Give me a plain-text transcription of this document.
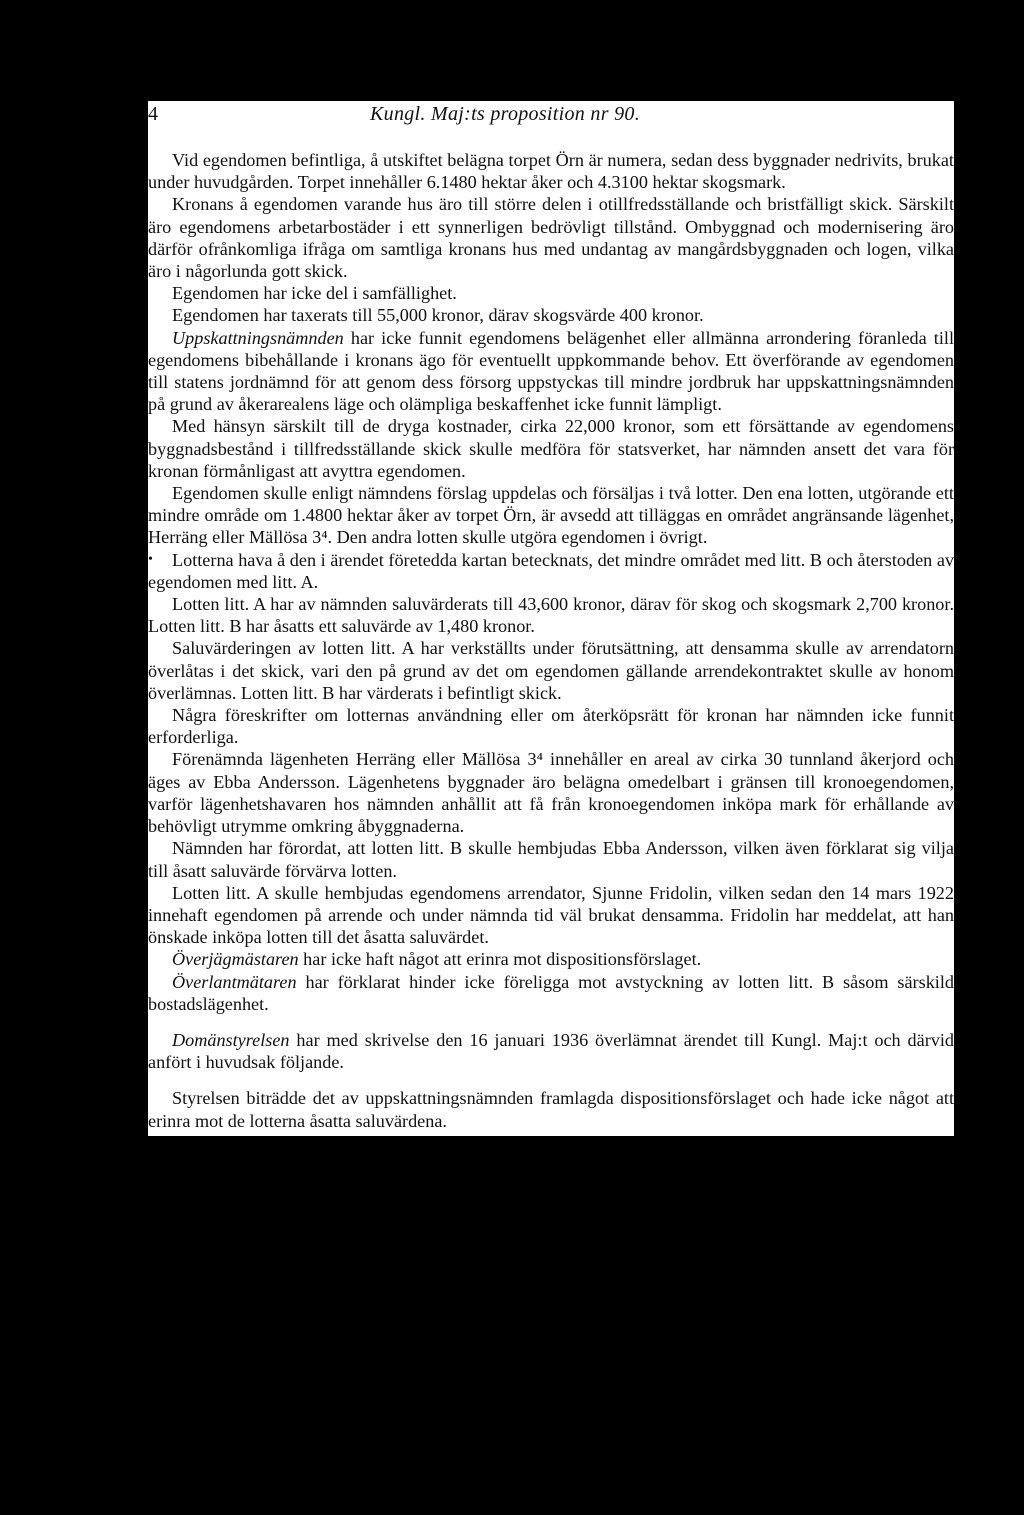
4	Kungl. Maj:ts proposition nr 90.

Vid egendomen befintliga, å utskiftet belägna torpet Örn är numera, sedan dess byggnader nedrivits, brukat under huvudgården. Torpet innehåller 6.1480 hektar åker och 4.3100 hektar skogsmark.

Kronans å egendomen varande hus äro till större delen i otillfredsställande och bristfälligt skick. Särskilt äro egendomens arbetarbostäder i ett synnerligen bedrövligt tillstånd. Ombyggnad och modernisering äro därför ofrånkomliga ifråga om samtliga kronans hus med undantag av mangårdsbyggnaden och logen, vilka äro i någorlunda gott skick.

Egendomen har icke del i samfällighet.

Egendomen har taxerats till 55,000 kronor, därav skogsvärde 400 kronor.

Uppskattningsnämnden har icke funnit egendomens belägenhet eller allmänna arrondering föranleda till egendomens bibehållande i kronans ägo för eventuellt uppkommande behov. Ett överförande av egendomen till statens jordnämnd för att genom dess försorg uppstyckas till mindre jordbruk har uppskattningsnämnden på grund av åkerarealens läge och olämpliga beskaffenhet icke funnit lämpligt.

Med hänsyn särskilt till de dryga kostnader, cirka 22,000 kronor, som ett försättande av egendomens byggnadsbestånd i tillfredsställande skick skulle medföra för statsverket, har nämnden ansett det vara för kronan förmånligast att avyttra egendomen.

Egendomen skulle enligt nämndens förslag uppdelas och försäljas i två lotter. Den ena lotten, utgörande ett mindre område om 1.4800 hektar åker av torpet Örn, är avsedd att tilläggas en området angränsande lägenhet, Herräng eller Mällösa 3⁴. Den andra lotten skulle utgöra egendomen i övrigt.

• Lotterna hava å den i ärendet företedda kartan betecknats, det mindre området med litt. B och återstoden av egendomen med litt. A.

Lotten litt. A har av nämnden saluvärderats till 43,600 kronor, därav för skog och skogsmark 2,700 kronor. Lotten litt. B har åsatts ett saluvärde av 1,480 kronor.

Saluvärderingen av lotten litt. A har verkställts under förutsättning, att densamma skulle av arrendatorn överlåtas i det skick, vari den på grund av det om egendomen gällande arrendekontraktet skulle av honom överlämnas. Lotten litt. B har värderats i befintligt skick.

Några föreskrifter om lotternas användning eller om återköpsrätt för kronan har nämnden icke funnit erforderliga.

Förenämnda lägenheten Herräng eller Mällösa 3⁴ innehåller en areal av cirka 30 tunnland åkerjord och äges av Ebba Andersson. Lägenhetens byggnader äro belägna omedelbart i gränsen till kronoegendomen, varför lägenhetshavaren hos nämnden anhållit att få från kronoegendomen inköpa mark för erhållande av behövligt utrymme omkring åbyggnaderna.

Nämnden har förordat, att lotten litt. B skulle hembjudas Ebba Andersson, vilken även förklarat sig vilja till åsatt saluvärde förvärva lotten.

Lotten litt. A skulle hembjudas egendomens arrendator, Sjunne Fridolin, vilken sedan den 14 mars 1922 innehaft egendomen på arrende och under nämnda tid väl brukat densamma. Fridolin har meddelat, att han önskade inköpa lotten till det åsatta saluvärdet.

Överjägmästaren har icke haft något att erinra mot dispositionsförslaget.

Överlantmätaren har förklarat hinder icke föreligga mot avstyckning av lotten litt. B såsom särskild bostadslägenhet.

Domänstyrelsen har med skrivelse den 16 januari 1936 överlämnat ärendet till Kungl. Maj:t och därvid anfört i huvudsak följande.

Styrelsen biträdde det av uppskattningsnämnden framlagda dispositionsförslaget och hade icke något att erinra mot de lotterna åsatta saluvärdena.
